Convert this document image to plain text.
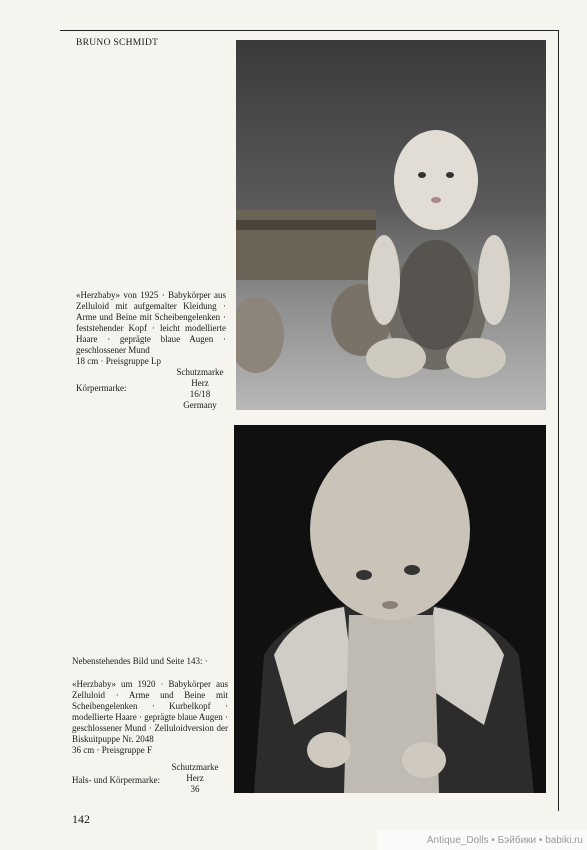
BRUNO SCHMIDT
«Herzbaby» von 1925 · Babykörper aus Zelluloid mit aufgemalter Kleidung · Arme und Beine mit Scheibengelenken · feststehender Kopf · leicht modellierte Haare · geprägte blaue Augen · geschlossener Mund
18 cm · Preisgruppe Lp
Körpermarke:
Schutzmarke
Herz
16/18
Germany
Nebenstehendes Bild und Seite 143: ·
«Herzbaby» um 1920 · Babykörper aus Zelluloid · Arme und Beine mit Scheibengelenken · Kurbelkopf · modellierte Haare · geprägte blaue Augen · geschlossener Mund · Zelluloidversion der Biskuitpuppe Nr. 2048
36 cm · Preisgruppe F
Hals- und Körpermarke:
Schutzmarke
Herz
36
142
Antique_Dolls • Бэйбики • babiki.ru
